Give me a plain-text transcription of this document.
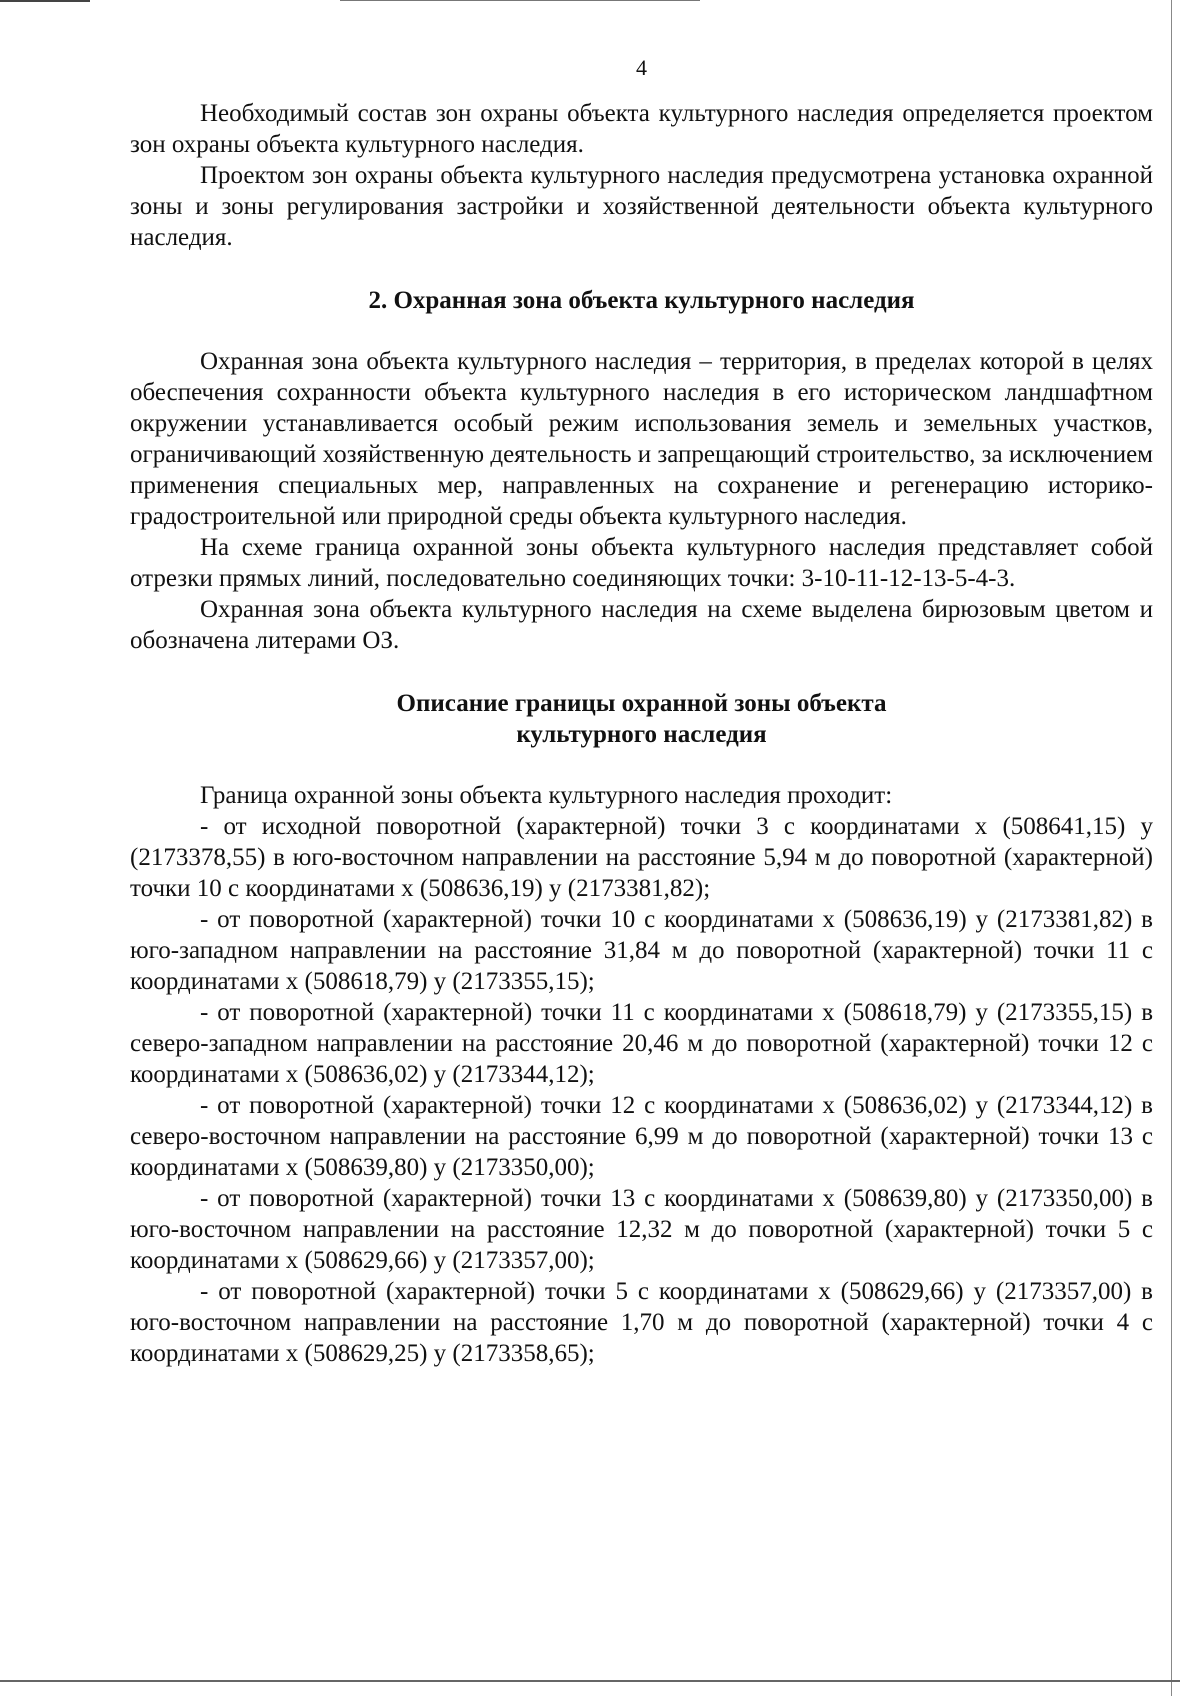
4

Необходимый состав зон охраны объекта культурного наследия определяется проектом зон охраны объекта культурного наследия.

Проектом зон охраны объекта культурного наследия предусмотрена установка охранной зоны и зоны регулирования застройки и хозяйственной деятельности объекта культурного наследия.

2. Охранная зона объекта культурного наследия

Охранная зона объекта культурного наследия – территория, в пределах которой в целях обеспечения сохранности объекта культурного наследия в его историческом ландшафтном окружении устанавливается особый режим использования земель и земельных участков, ограничивающий хозяйственную деятельность и запрещающий строительство, за исключением применения специальных мер, направленных на сохранение и регенерацию историко-градостроительной или природной среды объекта культурного наследия.

На схеме граница охранной зоны объекта культурного наследия представляет собой отрезки прямых линий, последовательно соединяющих точки: 3-10-11-12-13-5-4-3.

Охранная зона объекта культурного наследия на схеме выделена бирюзовым цветом и обозначена литерами ОЗ.

Описание границы охранной зоны объекта
культурного наследия

Граница охранной зоны объекта культурного наследия проходит:

- от исходной поворотной (характерной) точки 3 с координатами х (508641,15) у (2173378,55) в юго-восточном направлении на расстояние 5,94 м до поворотной (характерной) точки 10 с координатами х (508636,19) у (2173381,82);

- от поворотной (характерной) точки 10 с координатами х (508636,19) у (2173381,82) в юго-западном направлении на расстояние 31,84 м до поворотной (характерной) точки 11 с координатами х (508618,79) у (2173355,15);

- от поворотной (характерной) точки 11 с координатами х (508618,79) у (2173355,15) в северо-западном направлении на расстояние 20,46 м до поворотной (характерной) точки 12 с координатами х (508636,02) у (2173344,12);

- от поворотной (характерной) точки 12 с координатами х (508636,02) у (2173344,12) в северо-восточном направлении на расстояние 6,99 м до поворотной (характерной) точки 13 с координатами х (508639,80) у (2173350,00);

- от поворотной (характерной) точки 13 с координатами х (508639,80) у (2173350,00) в юго-восточном направлении на расстояние 12,32 м до поворотной (характерной) точки 5 с координатами х (508629,66) у (2173357,00);

- от поворотной (характерной) точки 5 с координатами х (508629,66) у (2173357,00) в юго-восточном направлении на расстояние 1,70 м до поворотной (характерной) точки 4 с координатами х (508629,25) у (2173358,65);
